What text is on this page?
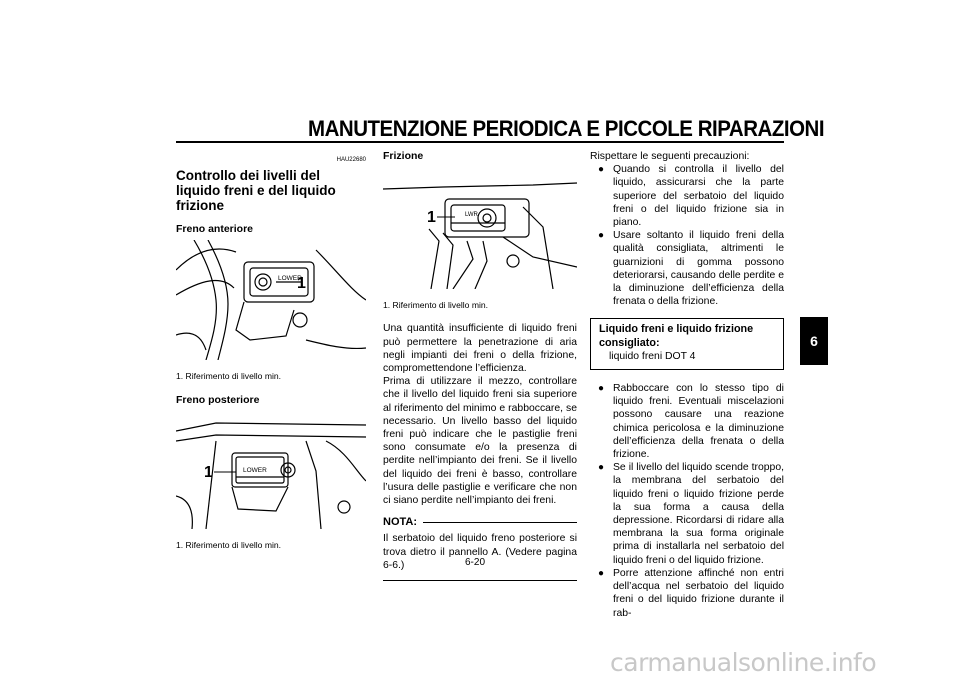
MANUTENZIONE PERIODICA E PICCOLE RIPARAZIONI
6
HAU22680
Controllo dei livelli del liquido freni e del liquido frizione
Freno anteriore
LOWER
1
1. Riferimento di livello min.
Freno posteriore
LOWER
1
1. Riferimento di livello min.
Frizione
LWR
1
1. Riferimento di livello min.

Una quantità insufficiente di liquido freni può permettere la penetrazione di aria negli impianti dei freni o della frizione, compromettendone l’efficienza.

Prima di utilizzare il mezzo, controllare che il livello del liquido freni sia superiore al riferimento del minimo e rabboccare, se necessario. Un livello basso del liquido freni può indicare che le pastiglie freni sono consumate e/o la presenza di perdite nell’impianto dei freni. Se il livello del liquido dei freni è basso, controllare l’usura delle pastiglie e verificare che non ci siano perdite nell’impianto dei freni.

NOTA:
Il serbatoio del liquido freno posteriore si trova dietro il pannello A. (Vedere pagina 6-6.)
Rispettare le seguenti precauzioni:
● Quando si controlla il livello del liquido, assicurarsi che la parte superiore del serbatoio del liquido freni o del liquido frizione sia in piano.
● Usare soltanto il liquido freni della qualità consigliata, altrimenti le guarnizioni di gomma possono deteriorarsi, causando delle perdite e la diminuzione dell’efficienza della frenata o della frizione.
Liquido freni e liquido frizione consigliato:
liquido freni DOT 4
● Rabboccare con lo stesso tipo di liquido freni. Eventuali miscelazioni possono causare una reazione chimica pericolosa e la diminuzione dell’efficienza della frenata o della frizione.
● Se il livello del liquido scende troppo, la membrana del serbatoio del liquido freni o liquido frizione perde la sua forma a causa della depressione. Ricordarsi di ridare alla membrana la sua forma originale prima di installarla nel serbatoio del liquido freni o del liquido frizione.
● Porre attenzione affinché non entri dell’acqua nel serbatoio del liquido freni o del liquido frizione durante il rab-
6-20
carmanualsonline.info
